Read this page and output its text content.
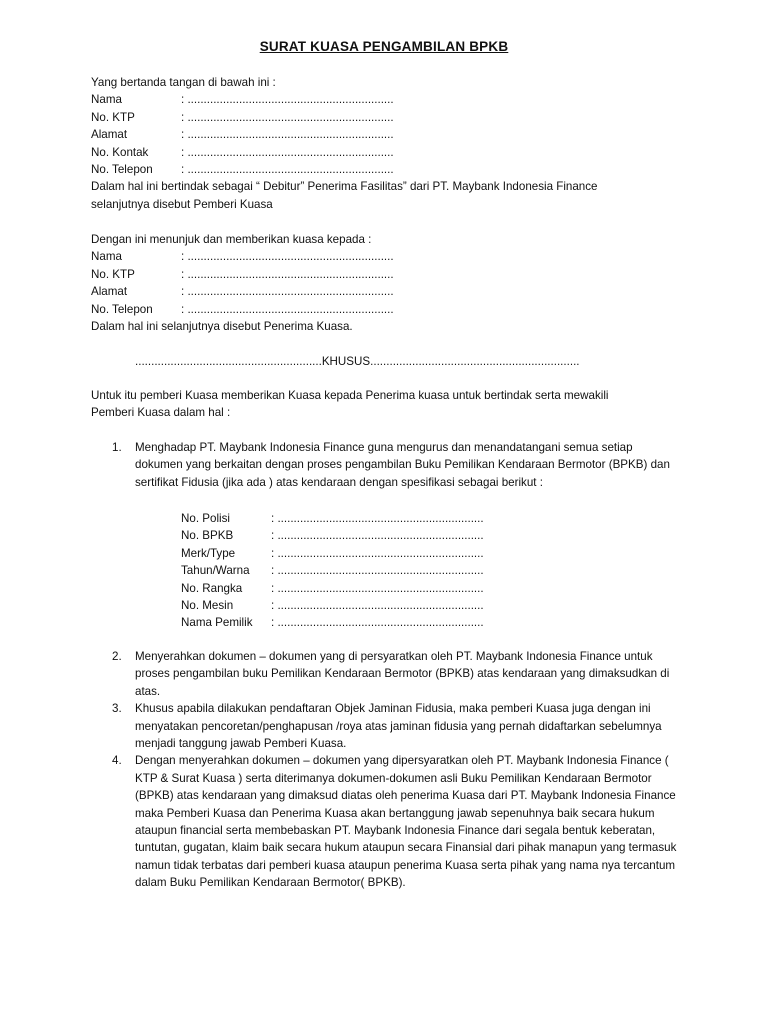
SURAT KUASA PENGAMBILAN BPKB

Yang bertanda tangan di bawah ini :

Nama	: ................................................................
No. KTP	: ................................................................
Alamat	: ................................................................
No. Kontak	: ................................................................
No. Telepon	: ................................................................

Dalam hal ini bertindak sebagai “ Debitur” Penerima Fasilitas” dari PT. Maybank Indonesia Finance

selanjutnya disebut Pemberi Kuasa

Dengan ini menunjuk dan memberikan kuasa kepada :

Nama	: ................................................................
No. KTP	: ................................................................
Alamat	: ................................................................
No. Telepon	: ................................................................

Dalam hal ini selanjutnya disebut Penerima Kuasa.

..........................................................KHUSUS.................................................................

Untuk itu pemberi Kuasa memberikan Kuasa kepada Penerima kuasa untuk bertindak serta mewakili

Pemberi Kuasa dalam hal :

1.	Menghadap PT. Maybank Indonesia Finance guna mengurus dan menandatangani semua setiap dokumen yang berkaitan dengan proses pengambilan Buku Pemilikan Kendaraan Bermotor (BPKB) dan sertifikat Fidusia (jika ada ) atas kendaraan dengan spesifikasi sebagai berikut :
No. Polisi	: ................................................................
No. BPKB	: ................................................................
Merk/Type	: ................................................................
Tahun/Warna	: ................................................................
No. Rangka	: ................................................................
No. Mesin	: ................................................................
Nama Pemilik	: ................................................................
2.	Menyerahkan dokumen – dokumen yang di persyaratkan oleh PT. Maybank Indonesia Finance untuk proses pengambilan buku Pemilikan Kendaraan Bermotor (BPKB) atas kendaraan yang dimaksudkan di atas.
3.	Khusus apabila dilakukan pendaftaran Objek Jaminan Fidusia, maka pemberi Kuasa juga dengan ini menyatakan pencoretan/penghapusan /roya atas jaminan fidusia yang pernah didaftarkan sebelumnya menjadi tanggung jawab Pemberi Kuasa.
4.	Dengan menyerahkan dokumen – dokumen yang dipersyaratkan oleh PT. Maybank Indonesia Finance ( KTP & Surat Kuasa ) serta diterimanya dokumen-dokumen asli Buku Pemilikan Kendaraan Bermotor (BPKB) atas kendaraan yang dimaksud diatas oleh penerima Kuasa dari PT. Maybank Indonesia Finance maka Pemberi Kuasa dan Penerima Kuasa akan bertanggung jawab sepenuhnya baik secara hukum ataupun financial serta membebaskan PT. Maybank Indonesia Finance dari segala bentuk keberatan, tuntutan, gugatan, klaim baik secara hukum ataupun secara Finansial dari pihak manapun yang termasuk namun tidak terbatas dari pemberi kuasa ataupun penerima Kuasa serta pihak yang nama nya tercantum dalam Buku Pemilikan Kendaraan Bermotor( BPKB).
